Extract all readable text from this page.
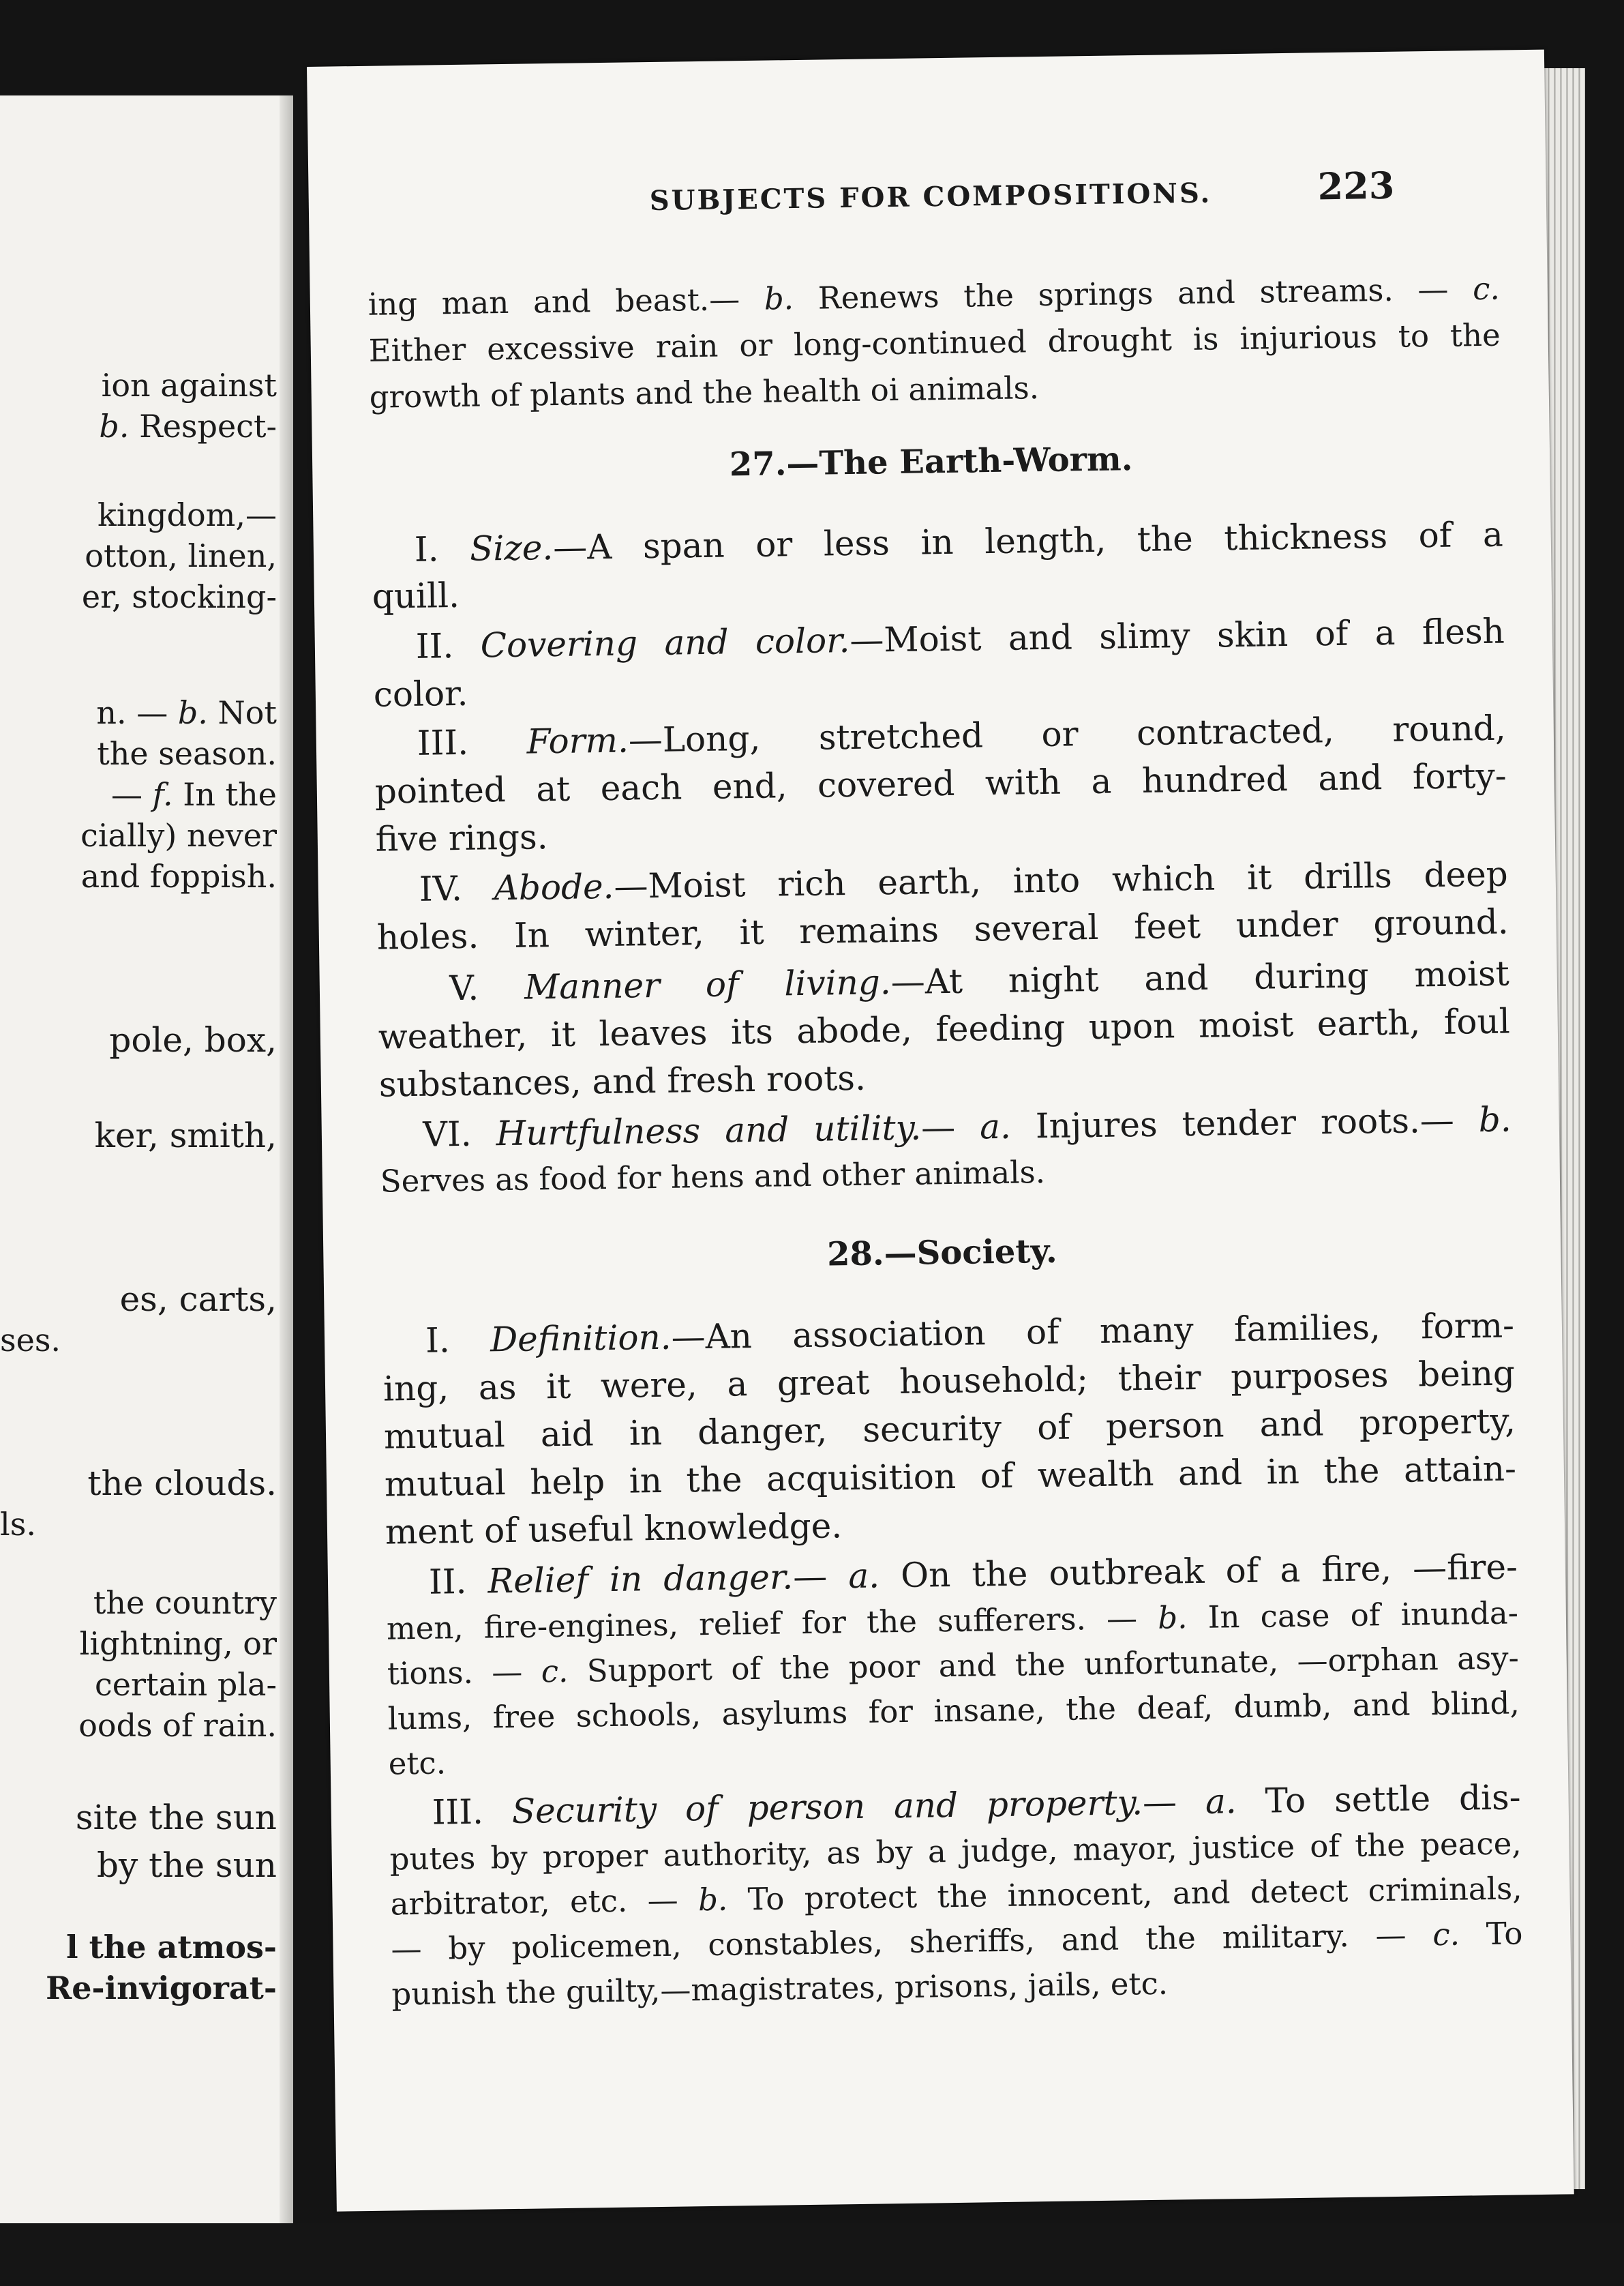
ion against
b. Respect-
kingdom,—
otton, linen,
er, stocking-
n. — b. Not
the season.
— f. In the
cially) never
and foppish.
pole, box,
ker, smith,
es, carts,
ses.
the clouds.
ls.
the country
lightning, or
certain pla-
oods of rain.
site the sun
by the sun
l the atmos-
Re-invigorat-
SUBJECTS FOR COMPOSITIONS.	223
ing man and beast.— b. Renews the springs and streams. — c.
Either excessive rain or long-continued drought is injurious to the
growth of plants and the health oi animals.
27.—The Earth-Worm.
I. Size.—A span or less in length, the thickness of a
quill.
II. Covering and color.—Moist and slimy skin of a flesh
color.
III. Form.—Long, stretched or contracted, round,
pointed at each end, covered with a hundred and forty-
five rings.
IV. Abode.—Moist rich earth, into which it drills deep
holes. In winter, it remains several feet under ground.
V. Manner of living.—At night and during moist
weather, it leaves its abode, feeding upon moist earth, foul
substances, and fresh roots.
VI. Hurtfulness and utility.— a. Injures tender roots.— b.
Serves as food for hens and other animals.
28.—Society.
I. Definition.—An association of many families, form-
ing, as it were, a great household; their purposes being
mutual aid in danger, security of person and property,
mutual help in the acquisition of wealth and in the attain-
ment of useful knowledge.
II. Relief in danger.— a. On the outbreak of a fire, —fire-
men, fire-engines, relief for the sufferers. — b. In case of inunda-
tions. — c. Support of the poor and the unfortunate, —orphan asy-
lums, free schools, asylums for insane, the deaf, dumb, and blind,
etc.
III. Security of person and property.— a. To settle dis-
putes by proper authority, as by a judge, mayor, justice of the peace,
arbitrator, etc. — b. To protect the innocent, and detect criminals,
— by policemen, constables, sheriffs, and the military. — c. To
punish the guilty,—magistrates, prisons, jails, etc.
